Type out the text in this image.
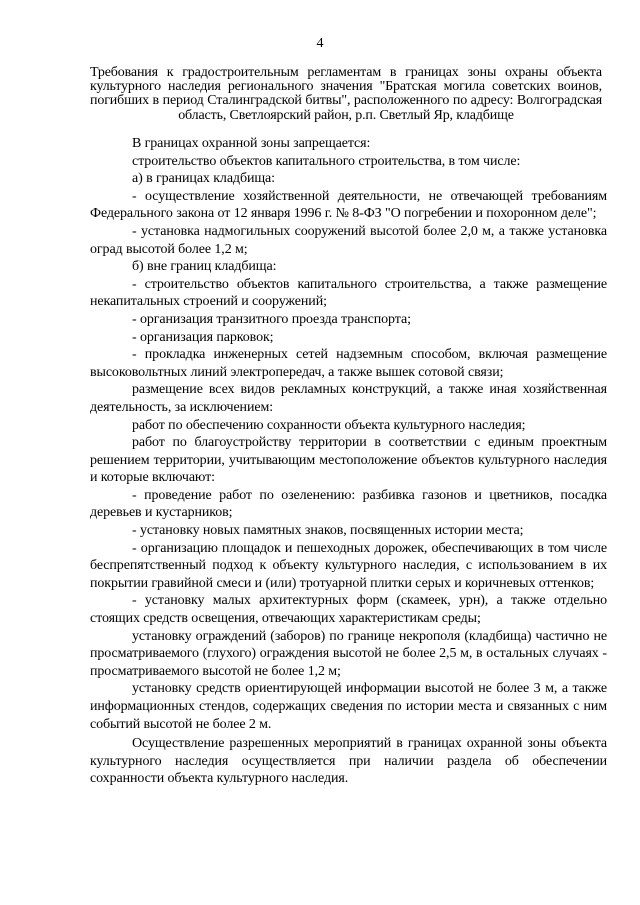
4
Требования к градостроительным регламентам в границах зоны охраны объекта культурного наследия регионального значения "Братская могила советских воинов, погибших в период Сталинградской битвы", расположенного по адресу: Волгоградская область, Светлоярский район, р.п. Светлый Яр, кладбище

В границах охранной зоны запрещается:

строительство объектов капитального строительства, в том числе:

а) в границах кладбища:

- осуществление хозяйственной деятельности, не отвечающей требованиям Федерального закона от 12 января 1996 г. № 8-ФЗ "О погребении и похоронном деле";

- установка надмогильных сооружений высотой более 2,0 м, а также установка оград высотой более 1,2 м;

б) вне границ кладбища:

- строительство объектов капитального строительства, а также размещение некапитальных строений и сооружений;

- организация транзитного проезда транспорта;

- организация парковок;

- прокладка инженерных сетей надземным способом, включая размещение высоковольтных линий электропередач, а также вышек сотовой связи;

размещение всех видов рекламных конструкций, а также иная хозяйственная деятельность, за исключением:

работ по обеспечению сохранности объекта культурного наследия;

работ по благоустройству территории в соответствии с единым проектным решением территории, учитывающим местоположение объектов культурного наследия и которые включают:

- проведение работ по озеленению: разбивка газонов и цветников, посадка деревьев и кустарников;

- установку новых памятных знаков, посвященных истории места;

- организацию площадок и пешеходных дорожек, обеспечивающих в том числе беспрепятственный подход к объекту культурного наследия, с использованием в их покрытии гравийной смеси и (или) тротуарной плитки серых и коричневых оттенков;

- установку малых архитектурных форм (скамеек, урн), а также отдельно стоящих средств освещения, отвечающих характеристикам среды;

установку ограждений (заборов) по границе некрополя (кладбища) частично не просматриваемого (глухого) ограждения высотой не более 2,5 м, в остальных случаях - просматриваемого высотой не более 1,2 м;

установку средств ориентирующей информации высотой не более 3 м, а также информационных стендов, содержащих сведения по истории места и связанных с ним событий высотой не более 2 м.

Осуществление разрешенных мероприятий в границах охранной зоны объекта культурного наследия осуществляется при наличии раздела об обеспечении сохранности объекта культурного наследия.
